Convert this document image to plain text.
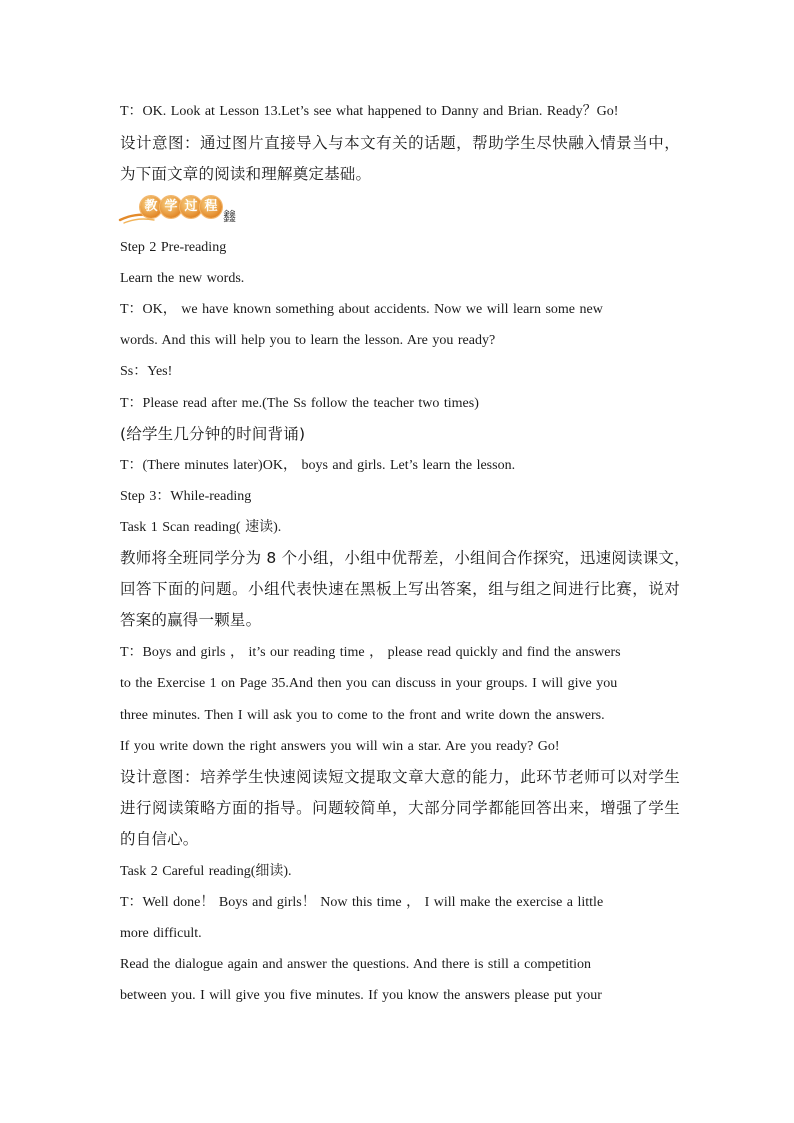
T：OK. Look at Lesson 13.Let’s see what happened to Danny and Brian. Ready？Go!
设计意图：通过图片直接导入与本文有关的话题，帮助学生尽快融入情景当中，
为下面文章的阅读和理解奠定基础。
教 学 过 程
𨰻
Step 2 Pre-reading
Learn the new words.
T：OK， we have known something about accidents. Now we will learn some new
words. And this will help you to learn the lesson. Are you ready?
Ss：Yes!
T：Please read after me.(The Ss follow the teacher two times)
(给学生几分钟的时间背诵)
T：(There minutes later)OK， boys and girls. Let’s learn the lesson.
Step 3：While-reading
Task 1 Scan reading( 速读).
教师将全班同学分为 8 个小组，小组中优帮差，小组间合作探究，迅速阅读课文，
回答下面的问题。小组代表快速在黑板上写出答案，组与组之间进行比赛，说对
答案的赢得一颗星。
T：Boys and girls ， it’s our reading time ， please read quickly and find the answers
to the Exercise 1 on Page 35.And then you can discuss in your groups. I will give you
three minutes. Then I will ask you to come to the front and write down the answers.
If you write down the right answers you will win a star. Are you ready? Go!
设计意图：培养学生快速阅读短文提取文章大意的能力，此环节老师可以对学生
进行阅读策略方面的指导。问题较简单，大部分同学都能回答出来，增强了学生
的自信心。
Task 2 Careful reading(细读).
T：Well done！ Boys and girls！ Now this time ， I will make the exercise a little
more difficult.
Read the dialogue again and answer the questions. And there is still a competition
between you. I will give you five minutes. If you know the answers please put your
